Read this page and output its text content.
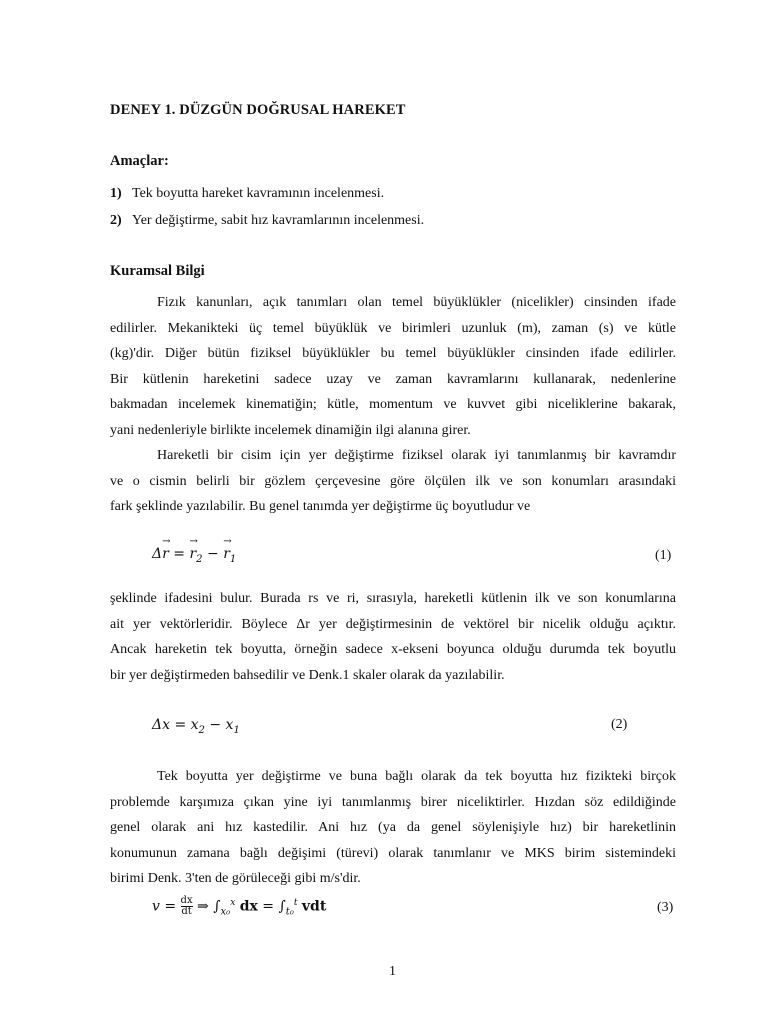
DENEY 1. DÜZGÜN DOĞRUSAL HAREKET
Amaçlar:
1) Tek boyutta hareket kavramının incelenmesi.
2) Yer değiştirme, sabit hız kavramlarının incelenmesi.
Kuramsal Bilgi
Fizık kanunları, açık tanımları olan temel büyüklükler (nicelikler) cinsinden ifade
edilirler. Mekanikteki üç temel büyüklük ve birimleri uzunluk (m), zaman (s) ve kütle
(kg)'dir. Diğer bütün fiziksel büyüklükler bu temel büyüklükler cinsinden ifade edilirler.
Bir kütlenin hareketini sadece uzay ve zaman kavramlarını kullanarak, nedenlerine
bakmadan incelemek kinematiğin; kütle, momentum ve kuvvet gibi niceliklerine bakarak,
yani nedenleriyle birlikte incelemek dinamiğin ilgi alanına girer.
Hareketli bir cisim için yer değiştirme fiziksel olarak iyi tanımlanmış bir kavramdır
ve o cismin belirli bir gözlem çerçevesine göre ölçülen ilk ve son konumları arasındaki
fark şeklinde yazılabilir. Bu genel tanımda yer değiştirme üç boyutludur ve
Δ→ r = → $r_2$ − → $r_1$	(1)
şeklinde ifadesini bulur. Burada rs ve ri, sırasıyla, hareketli kütlenin ilk ve son konumlarına
ait yer vektörleridir. Böylece Δr yer değiştirmesinin de vektörel bir nicelik olduğu açıktır.
Ancak hareketin tek boyutta, örneğin sadece x-ekseni boyunca olduğu durumda tek boyutlu
bir yer değiştirmeden bahsedilir ve Denk.1 skaler olarak da yazılabilir.
$\Delta x = x_2 - x_1$	(2)
Tek boyutta yer değiştirme ve buna bağlı olarak da tek boyutta hız fizikteki birçok
problemde karşımıza çıkan yine iyi tanımlanmış birer niceliktirler. Hızdan söz edildiğinde
genel olarak ani hız kastedilir. Ani hız (ya da genel söylenişiyle hız) bir hareketlinin
konumunun zamana bağlı değişimi (türevi) olarak tanımlanır ve MKS birim sistemindeki
birimi Denk. 3'ten de görüleceği gibi m/s'dir.
$v = \frac{dx}{dt}$ ⇒ $\int_{x_0}^x$ dx = $\int_{t_0}^t$ vdt	(3)
1
